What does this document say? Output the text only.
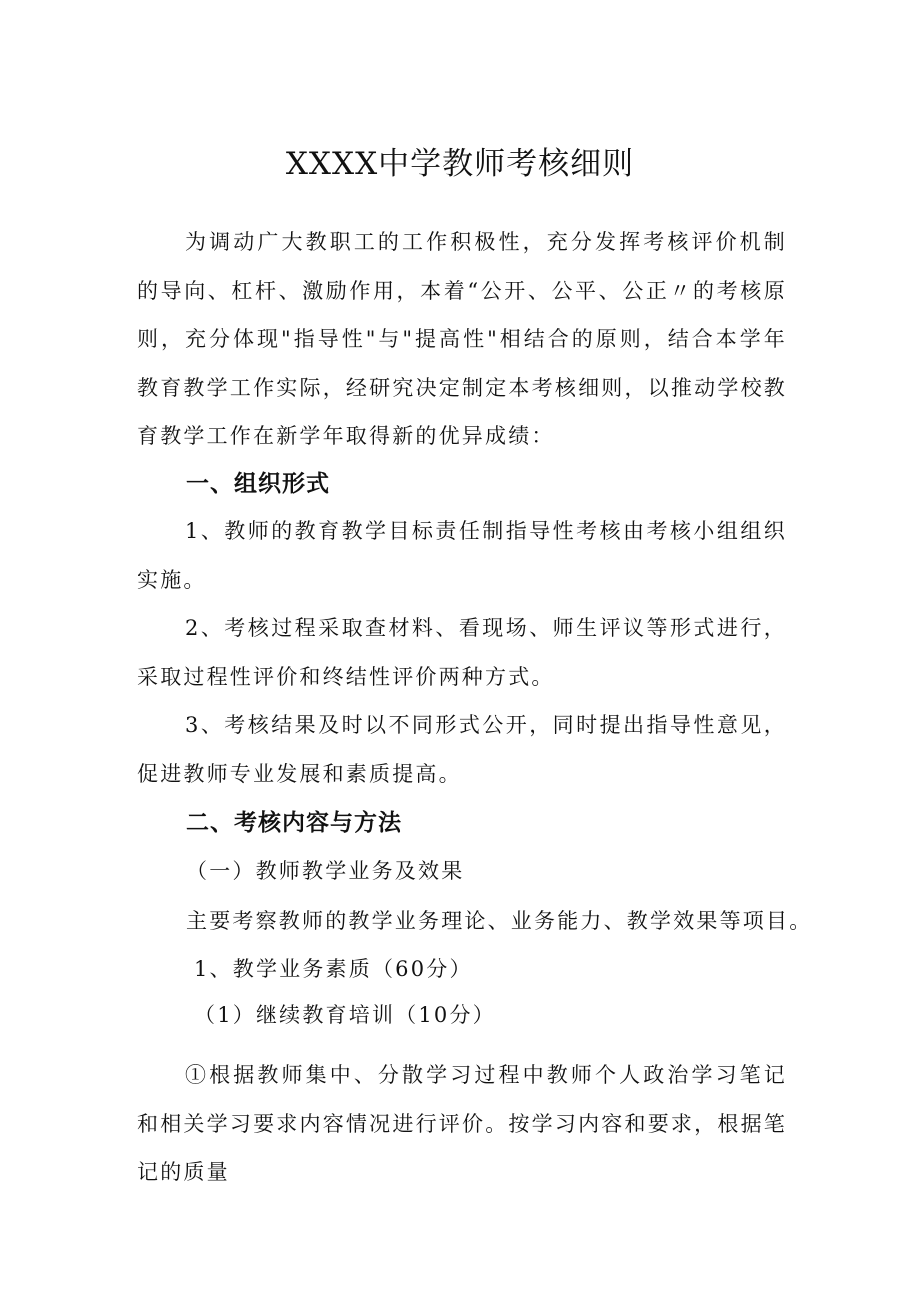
XXXX中学教师考核细则

为调动广大教职工的工作积极性，充分发挥考核评价机制的导向、杠杆、激励作用，本着“公开、公平、公正〃的考核原则，充分体现"指导性"与"提高性"相结合的原则，结合本学年教育教学工作实际，经研究决定制定本考核细则，以推动学校教育教学工作在新学年取得新的优异成绩：

一、组织形式

1、教师的教育教学目标责任制指导性考核由考核小组组织实施。

2、考核过程采取查材料、看现场、师生评议等形式进行，采取过程性评价和终结性评价两种方式。

3、考核结果及时以不同形式公开，同时提出指导性意见，促进教师专业发展和素质提高。

二、考核内容与方法
（一）教师教学业务及效果
主要考察教师的教学业务理论、业务能力、教学效果等项目。
1、教学业务素质（60分）
（1）继续教育培训（10分）

①根据教师集中、分散学习过程中教师个人政治学习笔记和相关学习要求内容情况进行评价。按学习内容和要求，根据笔记的质量
